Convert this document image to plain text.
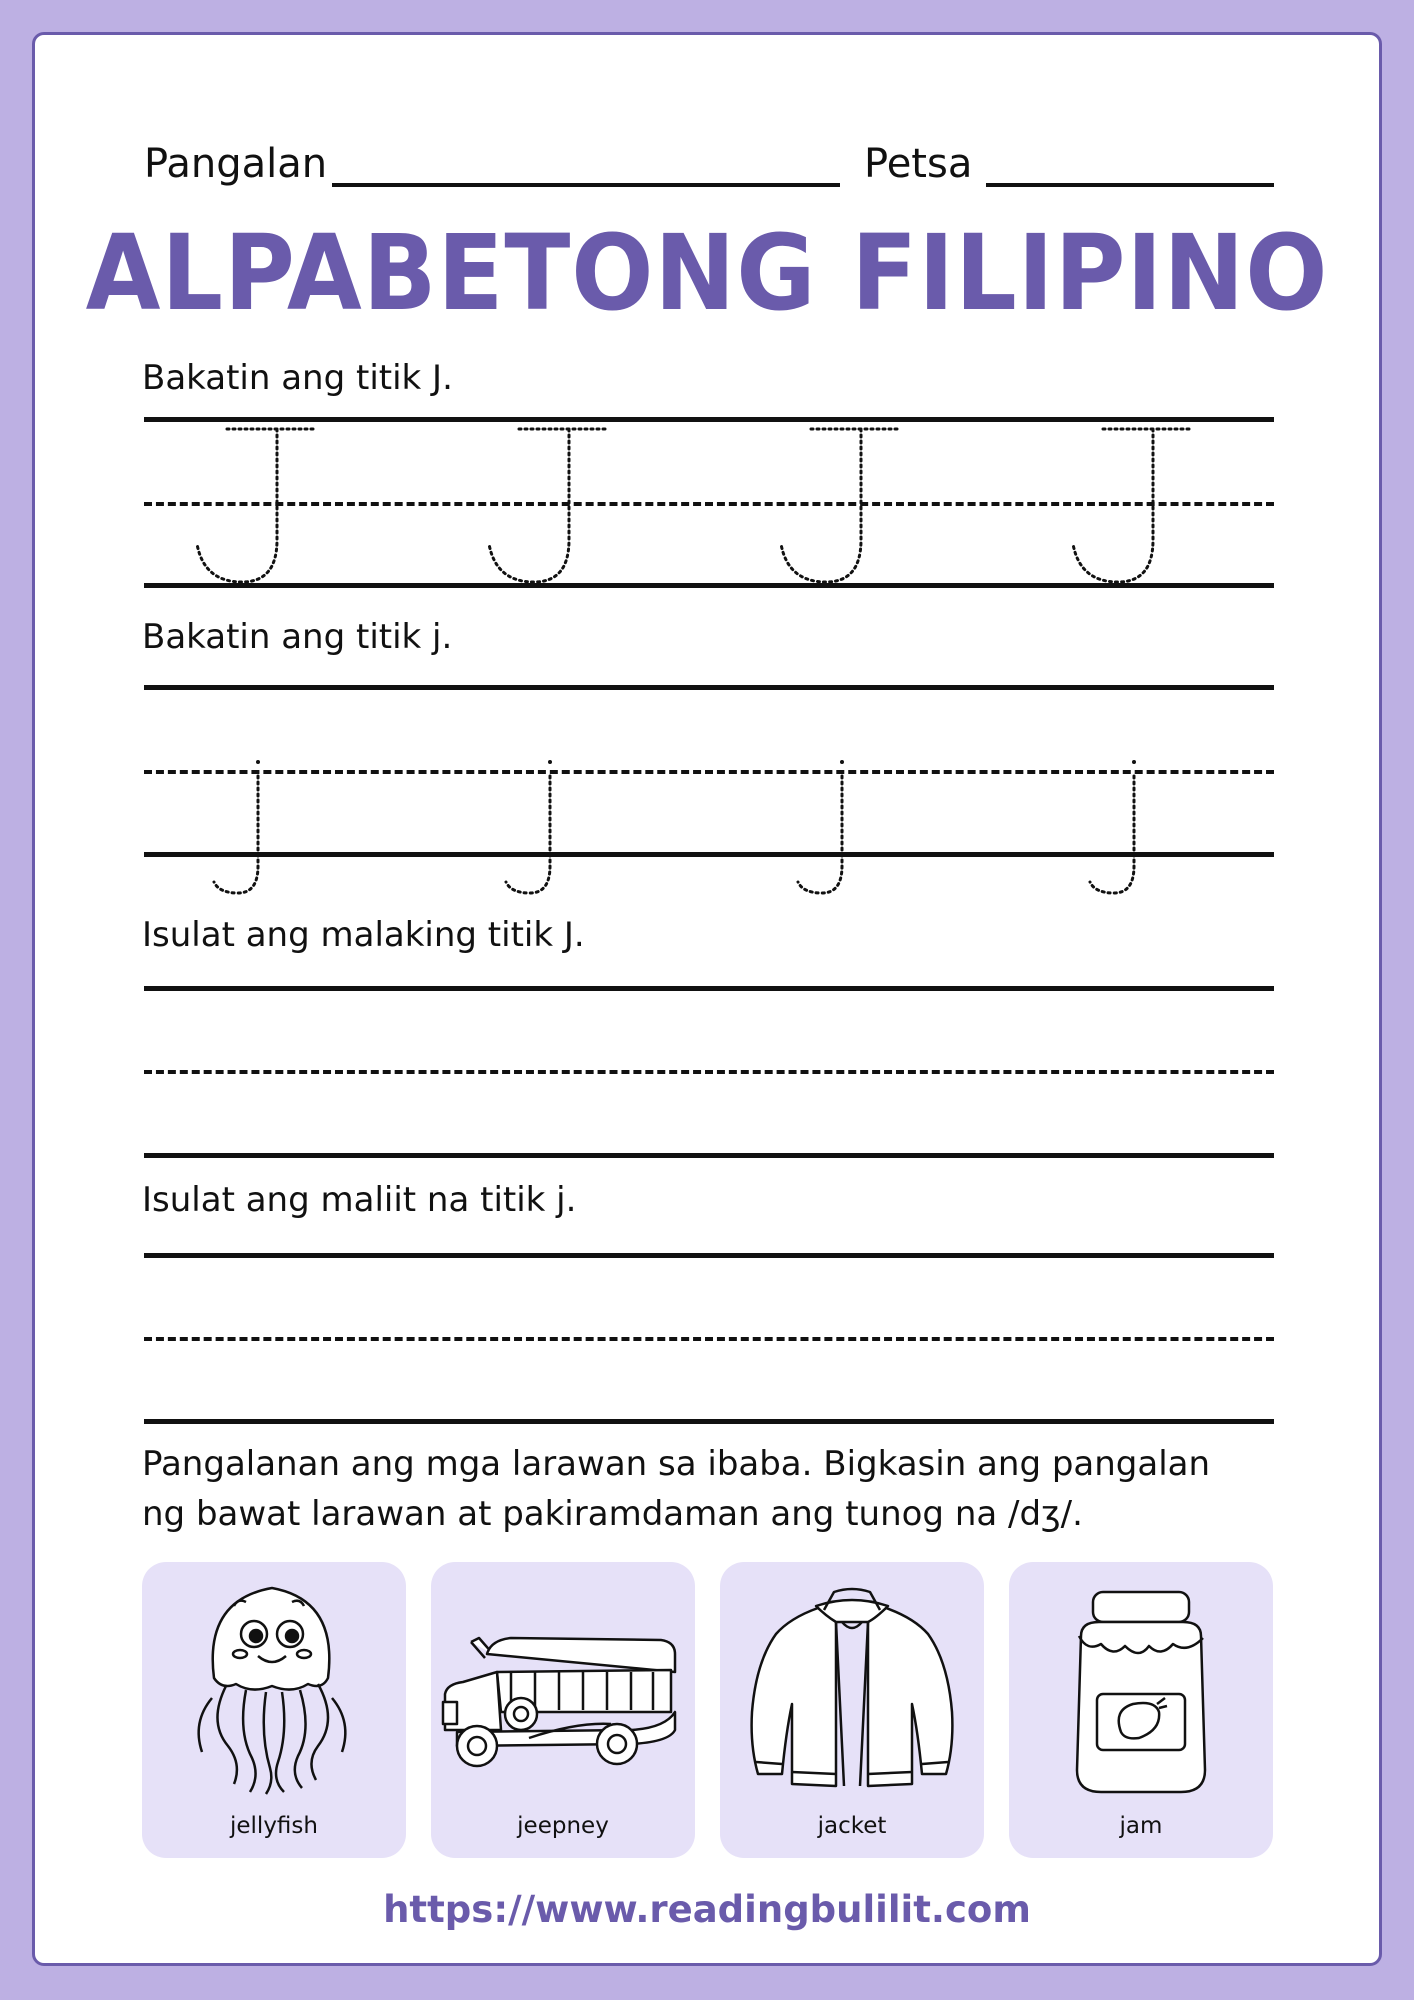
Pangalan	Petsa
ALPABETONG FILIPINO
Bakatin ang titik J.
Bakatin ang titik j.
Isulat ang malaking titik J.
Isulat ang maliit na titik j.
Pangalanan ang mga larawan sa ibaba. Bigkasin ang pangalan
ng bawat larawan at pakiramdaman ang tunog na /dʒ/.
jellyfish	jeepney	jacket	jam
https://www.readingbulilit.com
